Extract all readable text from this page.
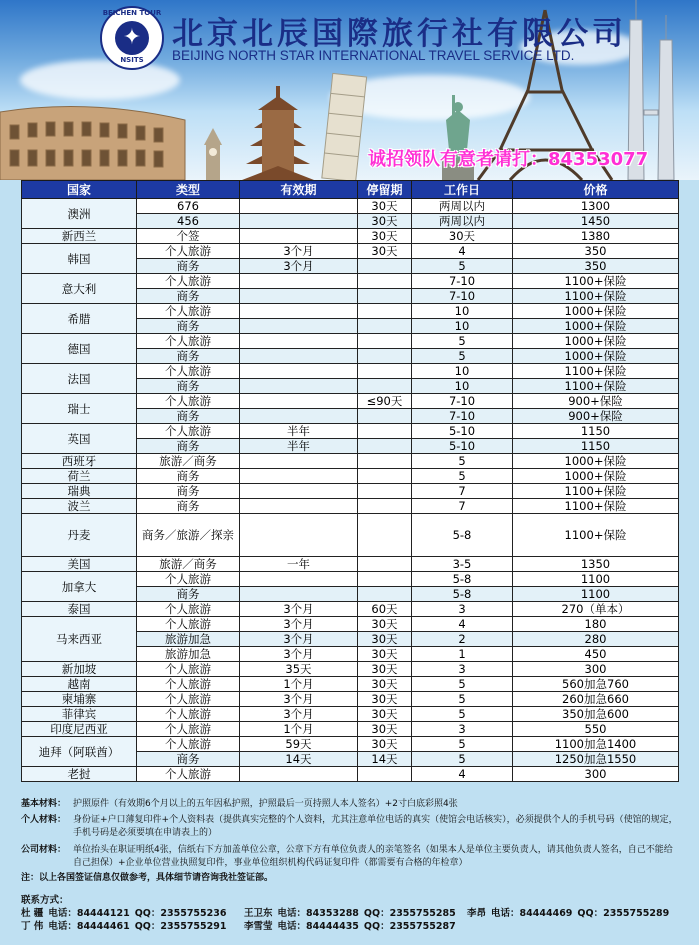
BEICHEN TOUR
✦
NSITS
北京北辰国際旅行社有限公司
BEIJING NORTH STAR INTERNATIONAL TRAVEL SERVICE LTD.
诚招领队有意者请打：84353077
国家	类型	有效期	停留期	工作日	价格
澳洲	676		30天	两周以内	1300
	456		30天	两周以内	1450
新西兰	个签		30天	30天	1380
韩国	个人旅游	3个月	30天	4	350
	商务	3个月		5	350
意大利	个人旅游			7-10	1100+保险
	商务			7-10	1100+保险
希腊	个人旅游			10	1000+保险
	商务			10	1000+保险
德国	个人旅游			5	1000+保险
	商务			5	1000+保险
法国	个人旅游			10	1100+保险
	商务			10	1100+保险
瑞士	个人旅游		≤90天	7-10	900+保险
	商务			7-10	900+保险
英国	个人旅游	半年		5-10	1150
	商务	半年		5-10	1150
西班牙	旅游／商务			5	1000+保险
荷兰	商务			5	1000+保险
瑞典	商务			7	1100+保险
波兰	商务			7	1100+保险
丹麦	商务／旅游／探亲			5-8	1100+保险
美国	旅游／商务	一年		3-5	1350
加拿大	个人旅游			5-8	1100
	商务			5-8	1100
泰国	个人旅游	3个月	60天	3	270（单本）
马来西亚	个人旅游	3个月	30天	4	180
	旅游加急	3个月	30天	2	280
	旅游加急	3个月	30天	1	450
新加坡	个人旅游	35天	30天	3	300
越南	个人旅游	1个月	30天	5	560加急760
柬埔寨	个人旅游	3个月	30天	5	260加急660
菲律宾	个人旅游	3个月	30天	5	350加急600
印度尼西亚	个人旅游	1个月	30天	3	550
迪拜（阿联酋）	个人旅游	59天	30天	5	1100加急1400
	商务	14天	14天	5	1250加急1550
老挝	个人旅游			4	300
基本材料： 护照原件（有效期6个月以上的五年因私护照，护照最后一页持照人本人签名）+2寸白底彩照4张
个人材料： 身份证+户口薄复印件+个人资料表（提供真实完整的个人资料，尤其注意单位电话的真实（使馆会电话核实），必须提供个人的手机号码（使馆的规定，手机号码是必须要填在申请表上的）
公司材料： 单位抬头在职证明纸4张，信纸右下方加盖单位公章，公章下方有单位负责人的亲笔签名（如果本人是单位主要负责人，请其他负责人签名，自己不能给自己担保）+企业单位营业执照复印件，事业单位组织机构代码证复印件（都需要有合格的年检章）
注：以上各国签证信息仅做参考，具体细节请咨询我社签证部。
联系方式：
杜 疆 电话：84444121 QQ：2355755236	王卫东 电话：84353288 QQ：2355755285	李昂 电话：84444469 QQ：2355755289
丁 伟 电话：84444461 QQ：2355755291	李雪莹 电话：84444435 QQ：2355755287
